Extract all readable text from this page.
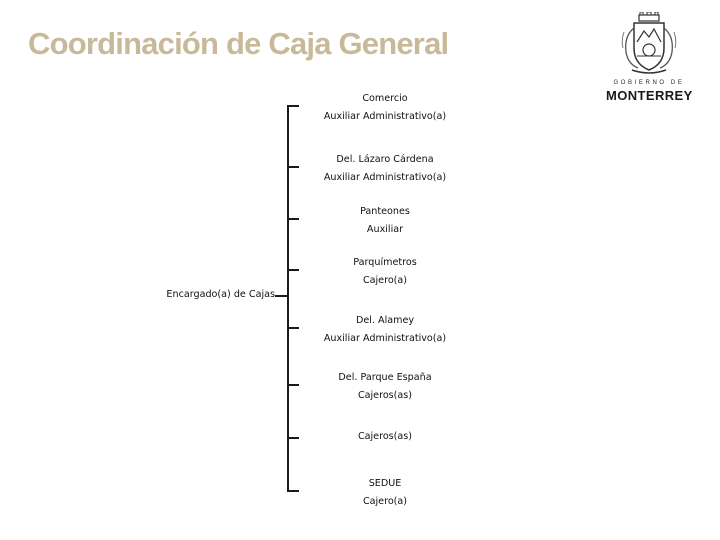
Coordinación de Caja General
GOBIERNO DE
MONTERREY
Encargado(a) de Cajas
Comercio
Auxiliar Administrativo(a)
Del. Lázaro Cárdena
Auxiliar Administrativo(a)
Panteones
Auxiliar
Parquímetros
Cajero(a)
Del. Alamey
Auxiliar Administrativo(a)
Del. Parque España
Cajeros(as)
Cajeros(as)
SEDUE
Cajero(a)
